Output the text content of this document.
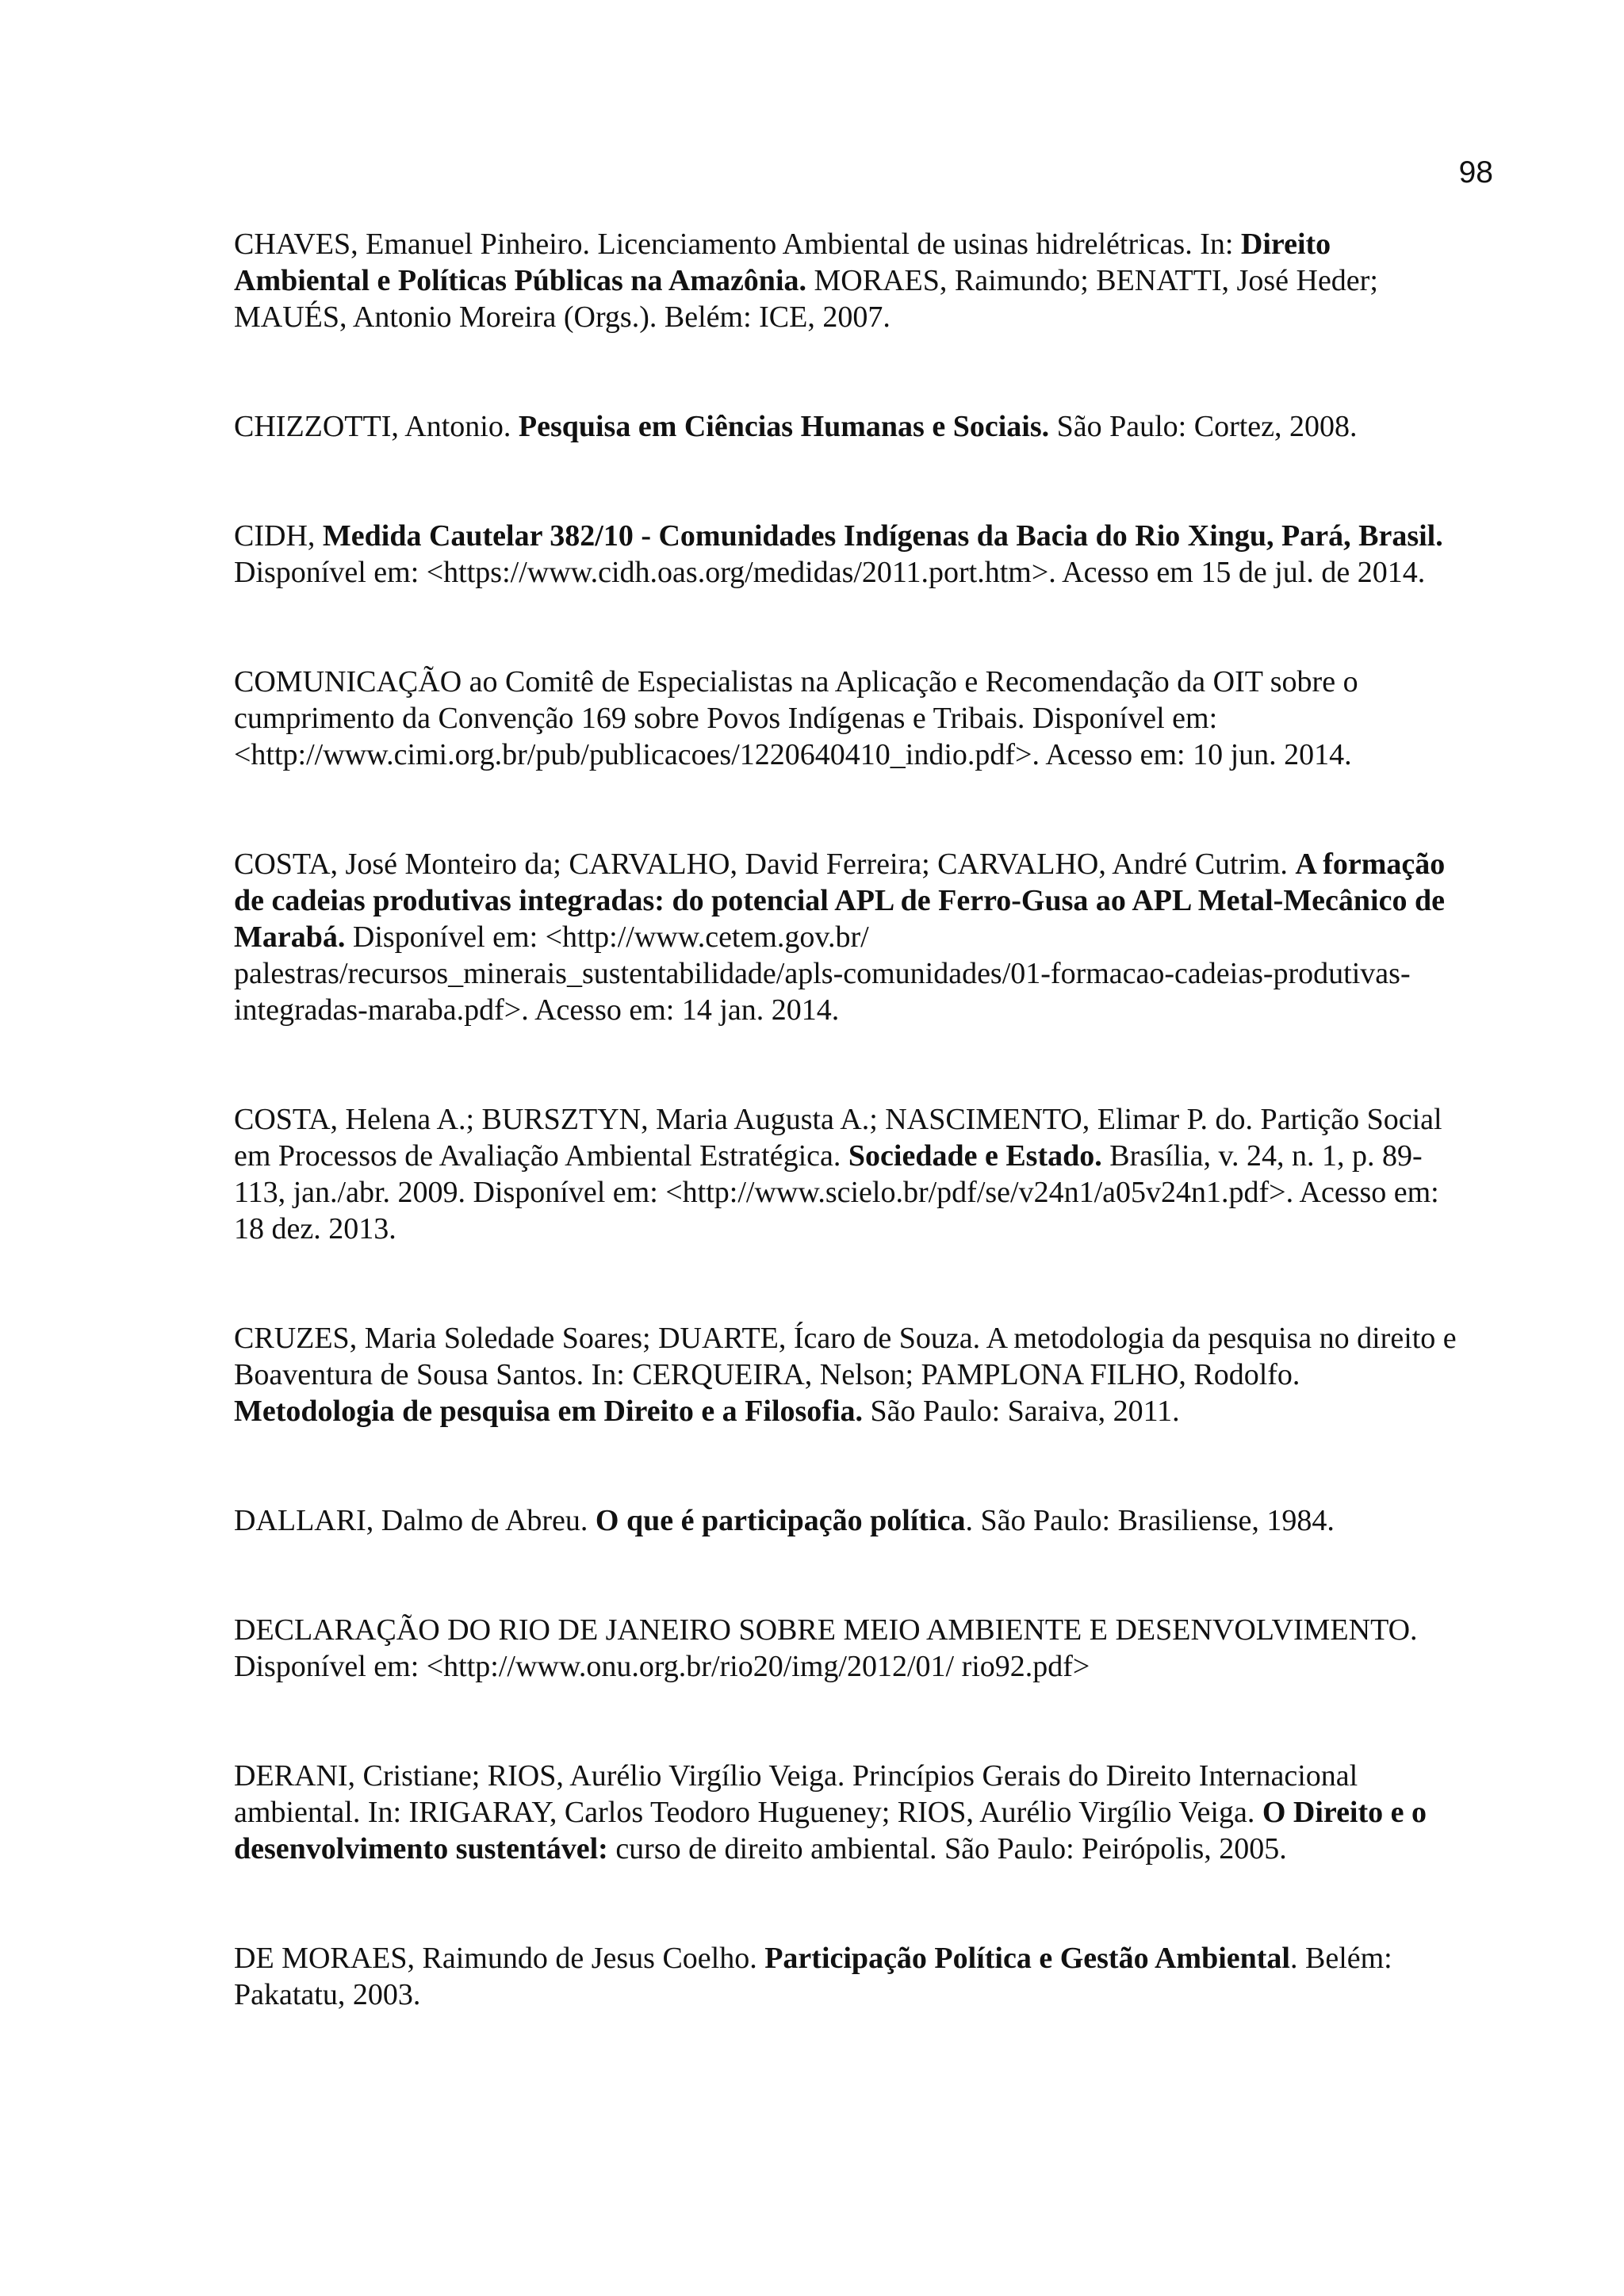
98

CHAVES, Emanuel Pinheiro. Licenciamento Ambiental de usinas hidrelétricas. In: Direito Ambiental e Políticas Públicas na Amazônia. MORAES, Raimundo; BENATTI, José Heder; MAUÉS, Antonio Moreira (Orgs.). Belém: ICE, 2007.

CHIZZOTTI, Antonio. Pesquisa em Ciências Humanas e Sociais. São Paulo: Cortez, 2008.

CIDH, Medida Cautelar 382/10 - Comunidades Indígenas da Bacia do Rio Xingu, Pará, Brasil. Disponível em: <https://www.cidh.oas.org/medidas/2011.port.htm>. Acesso em 15 de jul. de 2014.

COMUNICAÇÃO ao Comitê de Especialistas na Aplicação e Recomendação da OIT sobre o cumprimento da Convenção 169 sobre Povos Indígenas e Tribais. Disponível em: <http://www.cimi.org.br/pub/publicacoes/1220640410_indio.pdf>. Acesso em: 10 jun. 2014.

COSTA, José Monteiro da; CARVALHO, David Ferreira; CARVALHO, André Cutrim. A formação de cadeias produtivas integradas: do potencial APL de Ferro-Gusa ao APL Metal-Mecânico de Marabá. Disponível em: <http://www.cetem.gov.br/ palestras/recursos_minerais_sustentabilidade/apls-comunidades/01-formacao-cadeias-produtivas-integradas-maraba.pdf>. Acesso em: 14 jan. 2014.

COSTA, Helena A.; BURSZTYN, Maria Augusta A.; NASCIMENTO, Elimar P. do. Partição Social em Processos de Avaliação Ambiental Estratégica. Sociedade e Estado. Brasília, v. 24, n. 1, p. 89-113, jan./abr. 2009. Disponível em: <http://www.scielo.br/pdf/se/v24n1/a05v24n1.pdf>. Acesso em: 18 dez. 2013.

CRUZES, Maria Soledade Soares; DUARTE, Ícaro de Souza. A metodologia da pesquisa no direito e Boaventura de Sousa Santos. In: CERQUEIRA, Nelson; PAMPLONA FILHO, Rodolfo. Metodologia de pesquisa em Direito e a Filosofia. São Paulo: Saraiva, 2011.

DALLARI, Dalmo de Abreu. O que é participação política. São Paulo: Brasiliense, 1984.

DECLARAÇÃO DO RIO DE JANEIRO SOBRE MEIO AMBIENTE E DESENVOLVIMENTO. Disponível em: <http://www.onu.org.br/rio20/img/2012/01/ rio92.pdf>

DERANI, Cristiane; RIOS, Aurélio Virgílio Veiga. Princípios Gerais do Direito Internacional ambiental. In: IRIGARAY, Carlos Teodoro Hugueney; RIOS, Aurélio Virgílio Veiga. O Direito e o desenvolvimento sustentável: curso de direito ambiental. São Paulo: Peirópolis, 2005.

DE MORAES, Raimundo de Jesus Coelho. Participação Política e Gestão Ambiental. Belém: Pakatatu, 2003.
